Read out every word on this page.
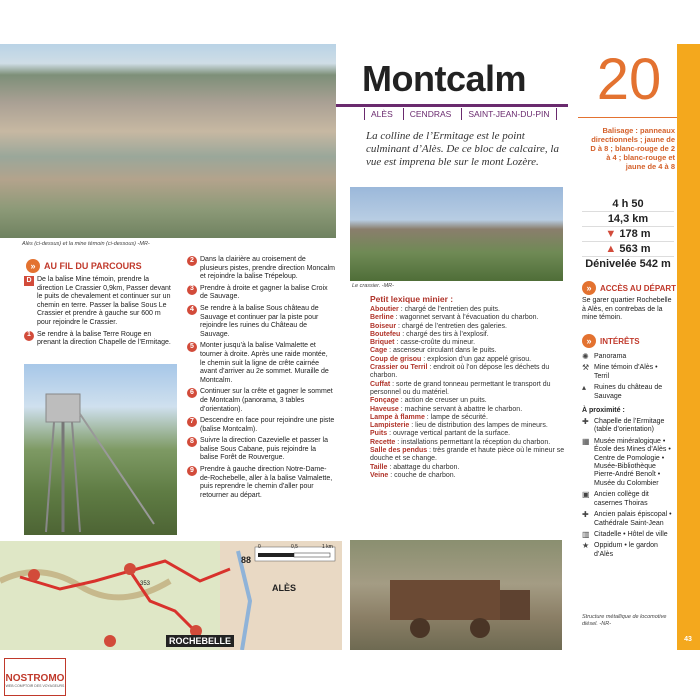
43
Alès (ci-dessus) et la mine témoin (ci-dessous) -MR-
Montcalm
ALÈS	CENDRAS	SAINT-JEAN-DU-PIN
20
La colline de l’Ermitage est le point culminant d’Alès. De ce bloc de calcaire, la vue est imprena ble sur le mont Lozère.
Le crassier. -MR-
Balisage : panneaux directionnels ; jaune de D à 8 ; blanc-rouge de 2 à 4 ; blanc-rouge et jaune de 4 à 8
4 h 50
14,3 km
▼ 178 m
▲ 563 m
Dénivelée 542 m
»	ACCÈS AU DÉPART
Se garer quartier Rochebelle à Alès, en contrebas de la mine témoin.
»	INTÉRÊTS
✺ Panorama
⚒ Mine témoin d’Alès • Terril
▴	Ruines du château de Sauvage
À proximité :
✚ Chapelle de l’Ermitage (table d’orientation)
▦ Musée minéralogique • École des Mines d’Alès • Centre de Pomologie • Musée-Bibliothèque Pierre-André Benoît • Musée du Colombier
▣ Ancien collège dit casernes Thoiras
✚ Ancien palais épiscopal • Cathédrale Saint-Jean
▥ Citadelle • Hôtel de ville
★ Oppidum • le gardon d’Alès
Structure métallique de locomotive diésel. -NR-
» AU FIL DU PARCOURS
D De la balise Mine témoin, prendre la direction Le Crassier 0,9km, Passer devant le puits de chevalement et continuer sur un chemin en terre. Passer la balise Sous Le Crassier et prendre à gauche sur 600 m pour rejoindre le Crassier.
1 Se rendre à la balise Terre Rouge en prenant la direction Chapelle de l’Ermitage.
2 Dans la clairière au croisement de plusieurs pistes, prendre direction Moncalm et rejoindre la balise Trépeloup.
3 Prendre à droite et gagner la balise Croix de Sauvage.
4 Se rendre à la balise Sous château de Sauvage et continuer par la piste pour rejoindre les ruines du Château de Sauvage.
5 Monter jusqu’à la balise Valmalette et tourner à droite. Après une raide montée, le chemin suit la ligne de crête cairnée avant d’arriver au 2e sommet. Muraille de Montcalm.
6 Continuer sur la crête et gagner le sommet de Montcalm (panorama, 3 tables d’orientation).
7 Descendre en face pour rejoindre une piste (balise Montcalm).
8 Suivre la direction Cazevielle et passer la balise Sous Cabane, puis rejoindre la balise Forêt de Rouvergue.
9 Prendre à gauche direction Notre-Dame-de-Rochebelle, aller à la balise Valmalette, puis reprendre le chemin d’aller pour retourner au départ.
Petit lexique minier :
Aboutier : chargé de l’entretien des puits.
Berline : wagonnet servant à l’évacuation du charbon.
Boiseur : chargé de l’entretien des galeries.
Boutefeu : chargé des tirs à l’explosif.
Briquet : casse-croûte du mineur.
Cage : ascenseur circulant dans le puits.
Coup de grisou : explosion d’un gaz appelé grisou.
Crassier ou Terril : endroit où l’on dépose les déchets du charbon.
Cuffat : sorte de grand tonneau permettant le transport du personnel ou du matériel.
Fonçage : action de creuser un puits.
Haveuse : machine servant à abattre le charbon.
Lampe à flamme : lampe de sécurité.
Lampisterie : lieu de distribution des lampes de mineurs.
Puits : ouvrage vertical partant de la surface.
Recette : installations permettant la réception du charbon.
Salle des pendus : très grande et haute pièce où le mineur se douche et se change.
Taille : abattage du charbon.
Veine : couche de charbon.
0	0,5	1 km
88
353	ALÈS
ROCHEBELLE
NOSTROMO
WEB COMPTOIR DES VOYAGEURS
